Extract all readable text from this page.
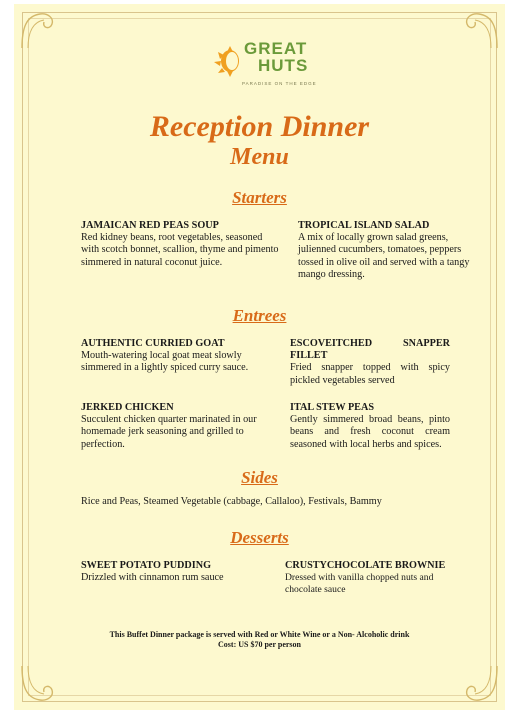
GREAT
HUTS
PARADISE ON THE EDGE
Reception Dinner
Menu
Starters
JAMAICAN RED PEAS SOUP
Red kidney beans, root vegetables, seasoned with scotch bonnet, scallion, thyme and pimento simmered in natural coconut juice.
TROPICAL ISLAND SALAD
A mix of locally grown salad greens, julienned cucumbers, tomatoes, peppers tossed in olive oil and served with a tangy mango dressing.
Entrees
AUTHENTIC CURRIED GOAT
Mouth-watering local goat meat slowly simmered in a lightly spiced curry sauce.
ESCOVEITCHED SNAPPER FILLET
Fried snapper topped with spicy pickled vegetables served
JERKED CHICKEN
Succulent chicken quarter marinated in our homemade jerk seasoning and grilled to perfection.
ITAL STEW PEAS
Gently simmered broad beans, pinto beans and fresh coconut cream seasoned with local herbs and spices.
Sides
Rice and Peas, Steamed Vegetable (cabbage, Callaloo), Festivals, Bammy
Desserts
SWEET POTATO PUDDING
Drizzled with cinnamon rum sauce
CRUSTYCHOCOLATE BROWNIE
Dressed with vanilla chopped nuts and chocolate sauce
This Buffet Dinner package is served with Red or White Wine or a Non- Alcoholic drink
Cost: US $70 per person
